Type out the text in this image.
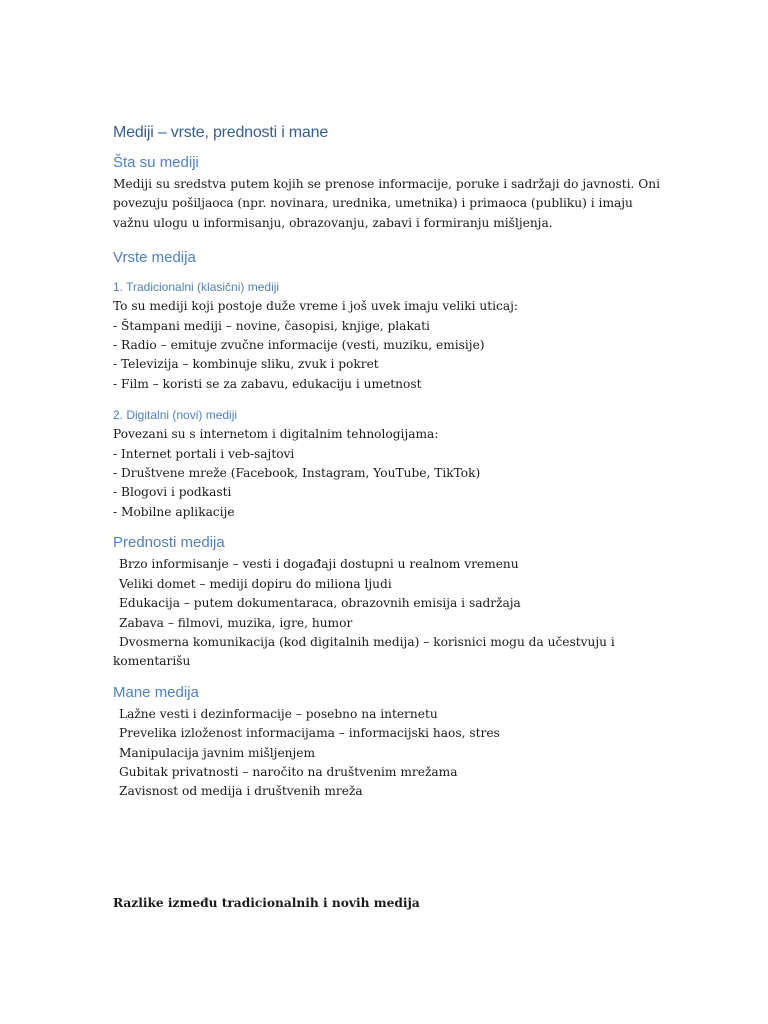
Mediji – vrste, prednosti i mane
Šta su mediji

Mediji su sredstva putem kojih se prenose informacije, poruke i sadržaji do javnosti. Oni povezuju pošiljaoca (npr. novinara, urednika, umetnika) i primaoca (publiku) i imaju važnu ulogu u informisanju, obrazovanju, zabavi i formiranju mišljenja.

Vrste medija
1. Tradicionalni (klasični) mediji
To su mediji koji postoje duže vreme i još uvek imaju veliki uticaj:
- Štampani mediji – novine, časopisi, knjige, plakati
- Radio – emituje zvučne informacije (vesti, muziku, emisije)
- Televizija – kombinuje sliku, zvuk i pokret
- Film – koristi se za zabavu, edukaciju i umetnost
2. Digitalni (novi) mediji
Povezani su s internetom i digitalnim tehnologijama:
- Internet portali i veb-sajtovi
- Društvene mreže (Facebook, Instagram, YouTube, TikTok)
- Blogovi i podkasti
- Mobilne aplikacije
Prednosti medija
Brzo informisanje – vesti i događaji dostupni u realnom vremenu
Veliki domet – mediji dopiru do miliona ljudi
Edukacija – putem dokumentaraca, obrazovnih emisija i sadržaja
Zabava – filmovi, muzika, igre, humor
Dvosmerna komunikacija (kod digitalnih medija) – korisnici mogu da učestvuju i
komentarišu
Mane medija
Lažne vesti i dezinformacije – posebno na internetu
Prevelika izloženost informacijama – informacijski haos, stres
Manipulacija javnim mišljenjem
Gubitak privatnosti – naročito na društvenim mrežama
Zavisnost od medija i društvenih mreža
Razlike između tradicionalnih i novih medija
